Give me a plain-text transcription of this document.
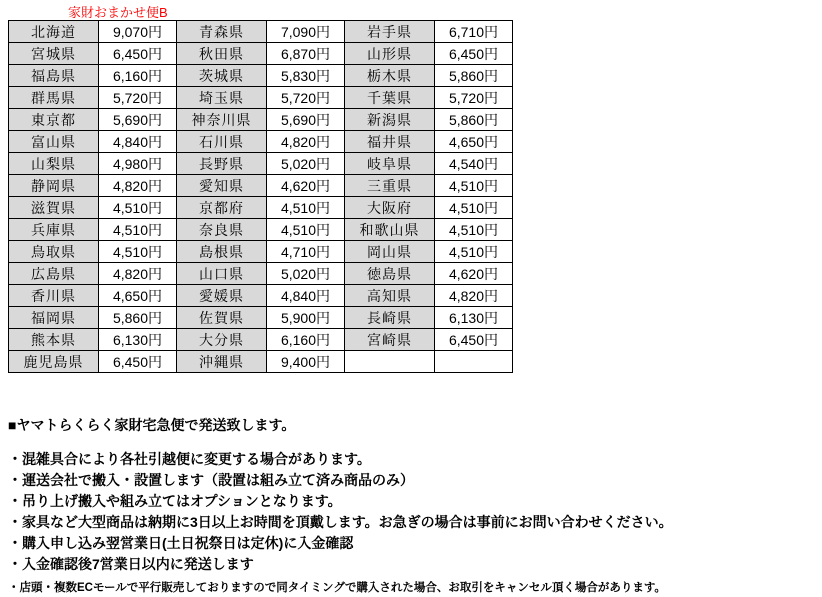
家財おまかせ便B
北海道	9,070円	青森県	7,090円	岩手県	6,710円
宮城県	6,450円	秋田県	6,870円	山形県	6,450円
福島県	6,160円	茨城県	5,830円	栃木県	5,860円
群馬県	5,720円	埼玉県	5,720円	千葉県	5,720円
東京都	5,690円	神奈川県	5,690円	新潟県	5,860円
富山県	4,840円	石川県	4,820円	福井県	4,650円
山梨県	4,980円	長野県	5,020円	岐阜県	4,540円
静岡県	4,820円	愛知県	4,620円	三重県	4,510円
滋賀県	4,510円	京都府	4,510円	大阪府	4,510円
兵庫県	4,510円	奈良県	4,510円	和歌山県	4,510円
鳥取県	4,510円	島根県	4,710円	岡山県	4,510円
広島県	4,820円	山口県	5,020円	徳島県	4,620円
香川県	4,650円	愛媛県	4,840円	高知県	4,820円
福岡県	5,860円	佐賀県	5,900円	長崎県	6,130円
熊本県	6,130円	大分県	6,160円	宮崎県	6,450円
鹿児島県	6,450円	沖縄県	9,400円		

■ヤマトらくらく家財宅急便で発送致します。

・混雑具合により各社引越便に変更する場合があります。
・運送会社で搬入・設置します（設置は組み立て済み商品のみ）
・吊り上げ搬入や組み立てはオプションとなります。
・家具など大型商品は納期に3日以上お時間を頂戴します。お急ぎの場合は事前にお問い合わせください。
・購入申し込み翌営業日(土日祝祭日は定休)に入金確認
・入金確認後7営業日以内に発送します
・店頭・複数ECモールで平行販売しておりますので同タイミングで購入された場合、お取引をキャンセル頂く場合があります。
